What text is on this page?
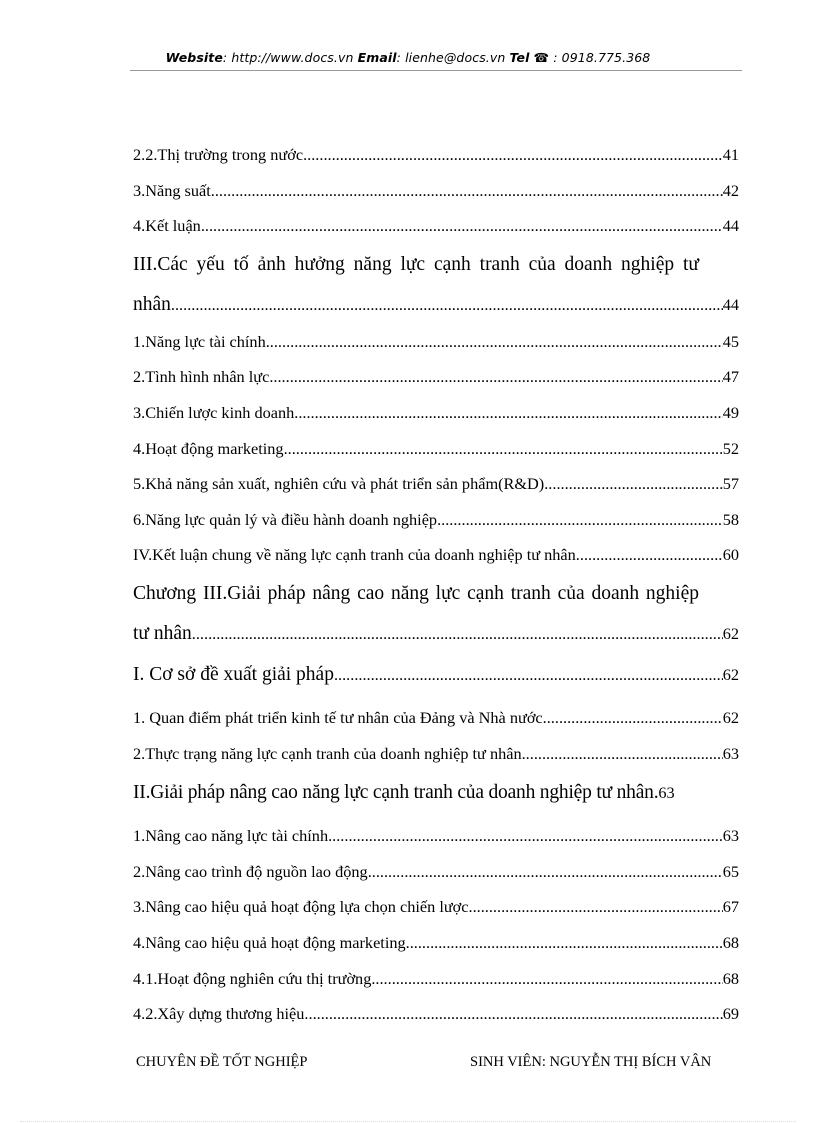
Website: http://www.docs.vn Email: lienhe@docs.vn Tel ☎ : 0918.775.368
2.2.Thị trường trong nước. .....	41
3.Năng suất .....	42
4.Kết luận .....	44
III.Các yếu tố ảnh hưởng năng lực cạnh tranh của doanh nghiệp tư
nhân .....	44
1.Năng lực tài chính. .....	45
2.Tình hình nhân lực .....	47
3.Chiến lược kinh doanh. .....	49
4.Hoạt động marketing .....	52
5.Khả năng sản xuất, nghiên cứu và phát triển sản phẩm(R&D) .....	57
6.Năng lực quản lý và điều hành doanh nghiệp .....	58
IV.Kết luận chung về năng lực cạnh tranh của doanh nghiệp tư nhân .....	60
Chương III.Giải pháp nâng cao năng lực cạnh tranh của doanh nghiệp
tư nhân .....	62
I. Cơ sở đề xuất giải pháp .....	62
1. Quan điểm phát triển kinh tế tư nhân của Đảng và Nhà nước .....	62
2.Thực trạng năng lực cạnh tranh của doanh nghiệp tư nhân .....	63
II.Giải pháp nâng cao năng lực cạnh tranh của doanh nghiệp tư nhân. 63
1.Nâng cao năng lực tài chính .....	63
2.Nâng cao trình độ nguồn lao động .....	65
3.Nâng cao hiệu quả hoạt động lựa chọn chiến lược .....	67
4.Nâng cao hiệu quả hoạt động marketing .....	68
4.1.Hoạt động nghiên cứu thị trường .....	68
4.2.Xây dựng thương hiệu .....	69
CHUYÊN ĐỀ TỐT NGHIỆP	SINH VIÊN: NGUYỄN THỊ BÍCH VÂN
